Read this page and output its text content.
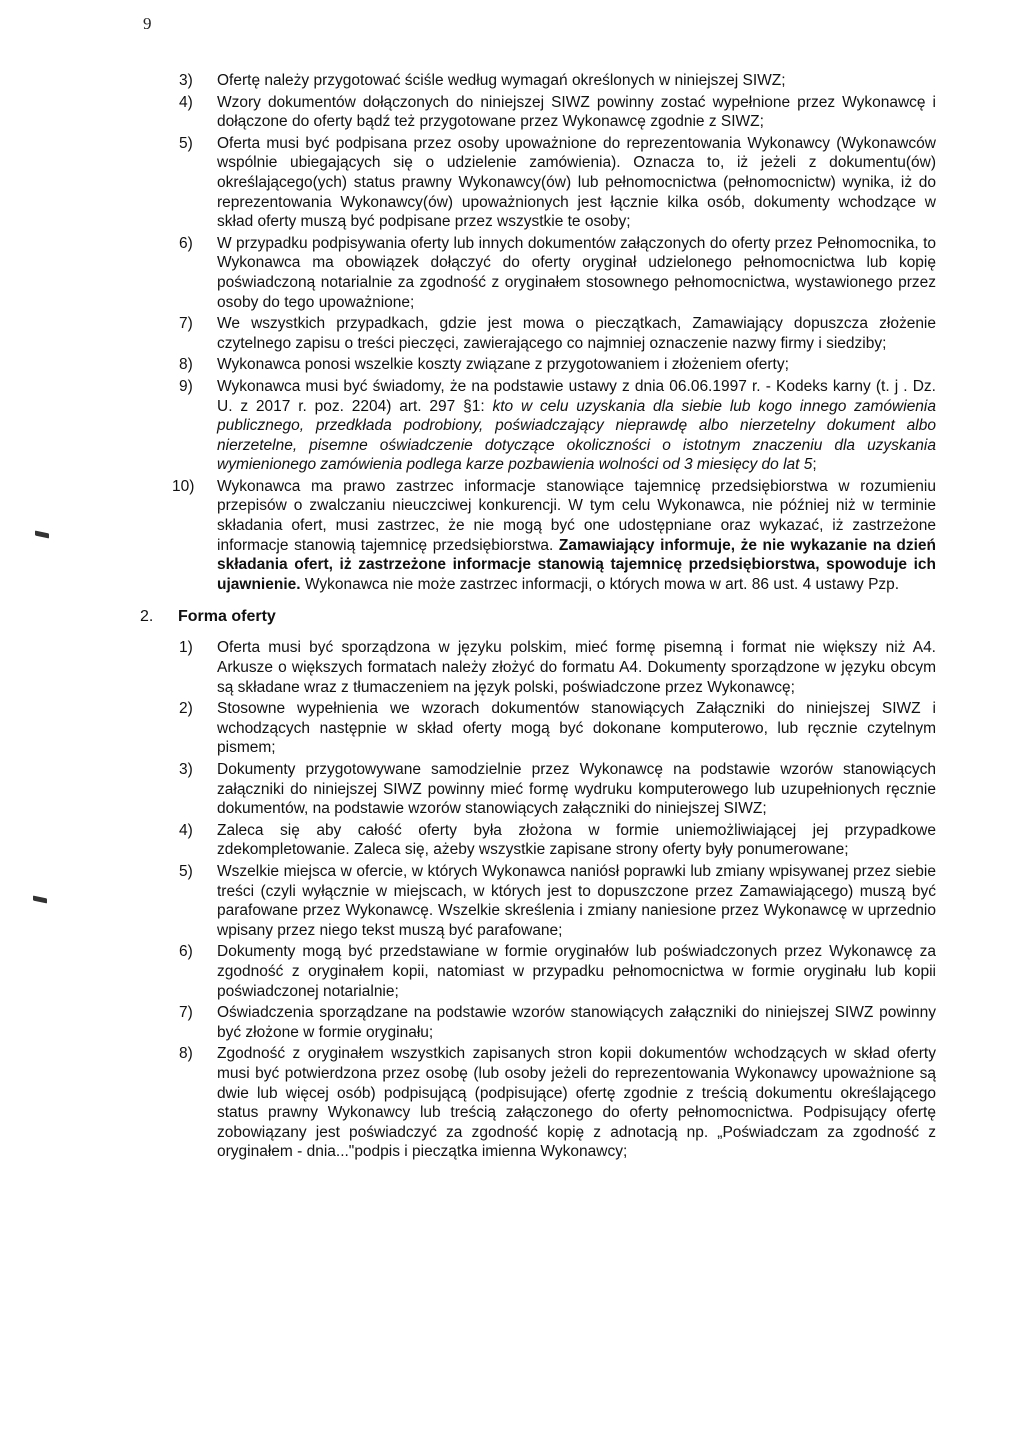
9
3) Ofertę należy przygotować ściśle według wymagań określonych w niniejszej SIWZ;
4) Wzory dokumentów dołączonych do niniejszej SIWZ powinny zostać wypełnione przez Wykonawcę i dołączone do oferty bądź też przygotowane przez Wykonawcę zgodnie z SIWZ;
5) Oferta musi być podpisana przez osoby upoważnione do reprezentowania Wykonawcy (Wykonawców wspólnie ubiegających się o udzielenie zamówienia). Oznacza to, iż jeżeli z dokumentu(ów) określającego(ych) status prawny Wykonawcy(ów) lub pełnomocnictwa (pełnomocnictw) wynika, iż do reprezentowania Wykonawcy(ów) upoważnionych jest łącznie kilka osób, dokumenty wchodzące w skład oferty muszą być podpisane przez wszystkie te osoby;
6) W przypadku podpisywania oferty lub innych dokumentów załączonych do oferty przez Pełnomocnika, to Wykonawca ma obowiązek dołączyć do oferty oryginał udzielonego pełnomocnictwa lub kopię poświadczoną notarialnie za zgodność z oryginałem stosownego pełnomocnictwa, wystawionego przez osoby do tego upoważnione;
7) We wszystkich przypadkach, gdzie jest mowa o pieczątkach, Zamawiający dopuszcza złożenie czytelnego zapisu o treści pieczęci, zawierającego co najmniej oznaczenie nazwy firmy i siedziby;
8) Wykonawca ponosi wszelkie koszty związane z przygotowaniem i złożeniem oferty;
9) Wykonawca musi być świadomy, że na podstawie ustawy z dnia 06.06.1997 r. - Kodeks karny (t. j . Dz. U. z 2017 r. poz. 2204) art. 297 §1: kto w celu uzyskania dla siebie lub kogo innego zamówienia publicznego, przedkłada podrobiony, poświadczający nieprawdę albo nierzetelny dokument albo nierzetelne, pisemne oświadczenie dotyczące okoliczności o istotnym znaczeniu dla uzyskania wymienionego zamówienia podlega karze pozbawienia wolności od 3 miesięcy do lat 5;
10) Wykonawca ma prawo zastrzec informacje stanowiące tajemnicę przedsiębiorstwa w rozumieniu przepisów o zwalczaniu nieuczciwej konkurencji. W tym celu Wykonawca, nie później niż w terminie składania ofert, musi zastrzec, że nie mogą być one udostępniane oraz wykazać, iż zastrzeżone informacje stanowią tajemnicę przedsiębiorstwa. Zamawiający informuje, że nie wykazanie na dzień składania ofert, iż zastrzeżone informacje stanowią tajemnicę przedsiębiorstwa, spowoduje ich ujawnienie. Wykonawca nie może zastrzec informacji, o których mowa w art. 86 ust. 4 ustawy Pzp.
2. Forma oferty
1) Oferta musi być sporządzona w języku polskim, mieć formę pisemną i format nie większy niż A4. Arkusze o większych formatach należy złożyć do formatu A4. Dokumenty sporządzone w języku obcym są składane wraz z tłumaczeniem na język polski, poświadczone przez Wykonawcę;
2) Stosowne wypełnienia we wzorach dokumentów stanowiących Załączniki do niniejszej SIWZ i wchodzących następnie w skład oferty mogą być dokonane komputerowo, lub ręcznie czytelnym pismem;
3) Dokumenty przygotowywane samodzielnie przez Wykonawcę na podstawie wzorów stanowiących załączniki do niniejszej SIWZ powinny mieć formę wydruku komputerowego lub uzupełnionych ręcznie dokumentów, na podstawie wzorów stanowiących załączniki do niniejszej SIWZ;
4) Zaleca się aby całość oferty była złożona w formie uniemożliwiającej jej przypadkowe zdekompletowanie. Zaleca się, ażeby wszystkie zapisane strony oferty były ponumerowane;
5) Wszelkie miejsca w ofercie, w których Wykonawca naniósł poprawki lub zmiany wpisywanej przez siebie treści (czyli wyłącznie w miejscach, w których jest to dopuszczone przez Zamawiającego) muszą być parafowane przez Wykonawcę. Wszelkie skreślenia i zmiany naniesione przez Wykonawcę w uprzednio wpisany przez niego tekst muszą być parafowane;
6) Dokumenty mogą być przedstawiane w formie oryginałów lub poświadczonych przez Wykonawcę za zgodność z oryginałem kopii, natomiast w przypadku pełnomocnictwa w formie oryginału lub kopii poświadczonej notarialnie;
7) Oświadczenia sporządzane na podstawie wzorów stanowiących załączniki do niniejszej SIWZ powinny być złożone w formie oryginału;
8) Zgodność z oryginałem wszystkich zapisanych stron kopii dokumentów wchodzących w skład oferty musi być potwierdzona przez osobę (lub osoby jeżeli do reprezentowania Wykonawcy upoważnione są dwie lub więcej osób) podpisującą (podpisujące) ofertę zgodnie z treścią dokumentu określającego status prawny Wykonawcy lub treścią załączonego do oferty pełnomocnictwa. Podpisujący ofertę zobowiązany jest poświadczyć za zgodność kopię z adnotacją np. „Poświadczam za zgodność z oryginałem - dnia..."podpis i pieczątka imienna Wykonawcy;
